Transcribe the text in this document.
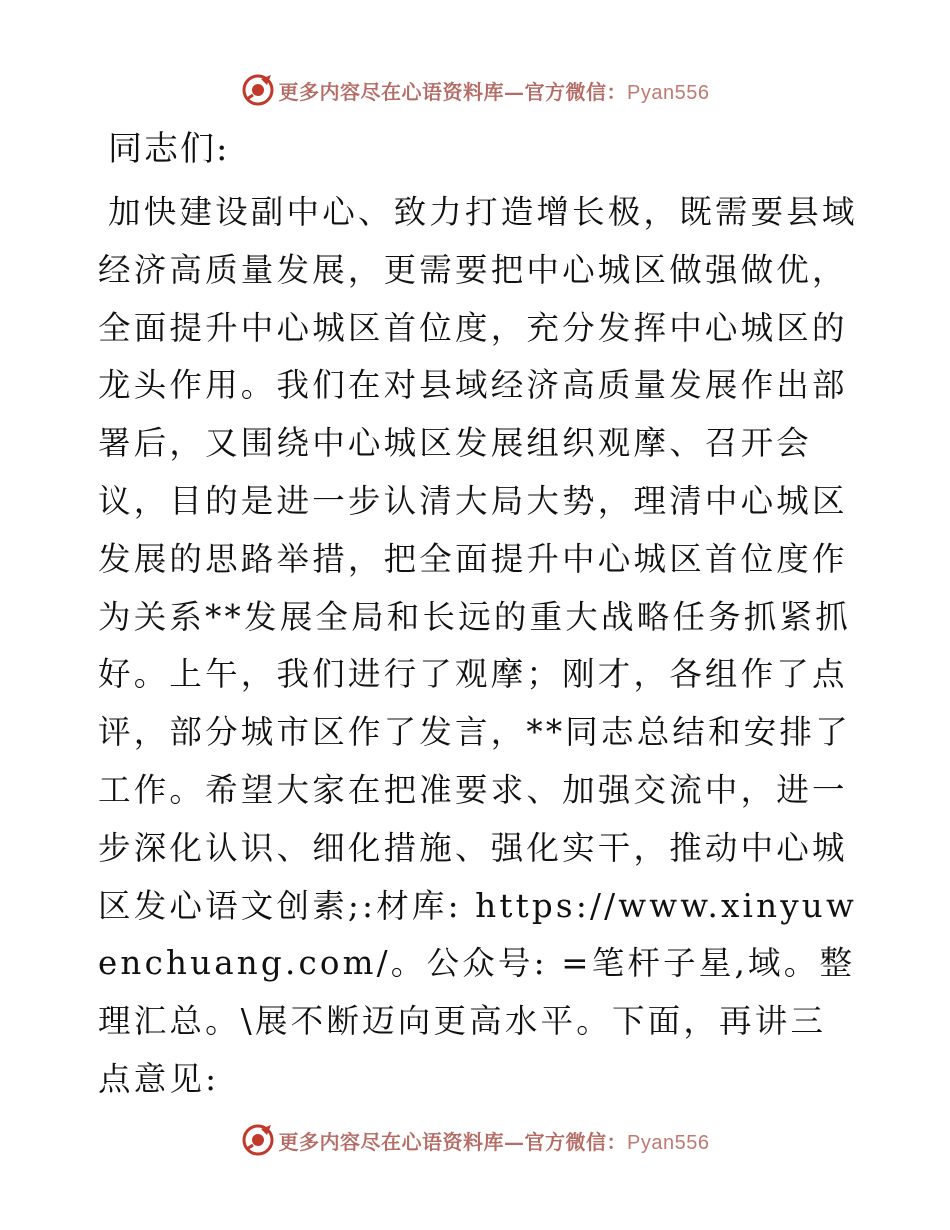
更多内容尽在心语资料库—官方微信：Pyan556
同志们:

加快建设副中心、致力打造增长极，既需要县域经济高质量发展，更需要把中心城区做强做优，全面提升中心城区首位度，充分发挥中心城区的龙头作用。我们在对县域经济高质量发展作出部署后，又围绕中心城区发展组织观摩、召开会议，目的是进一步认清大局大势，理清中心城区发展的思路举措，把全面提升中心城区首位度作为关系**发展全局和长远的重大战略任务抓紧抓好。上午，我们进行了观摩；刚才，各组作了点评，部分城市区作了发言，**同志总结和安排了工作。希望大家在把准要求、加强交流中，进一步深化认识、细化措施、强化实干，推动中心城区发心语文创素;:材库: https://www.xinyuwenchuang.com/。公众号: =笔杆子星,域。整理汇总。\展不断迈向更高水平。下面，再讲三点意见:

更多内容尽在心语资料库—官方微信：Pyan556
